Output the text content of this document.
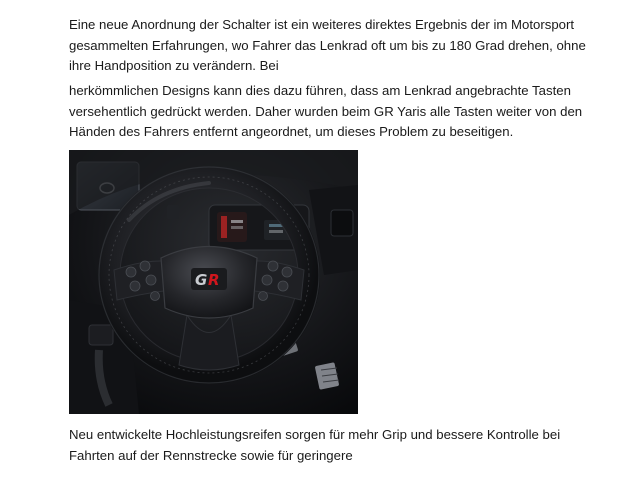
Eine neue Anordnung der Schalter ist ein weiteres direktes Ergebnis der im Motorsport gesammelten Erfahrungen, wo Fahrer das Lenkrad oft um bis zu 180 Grad drehen, ohne ihre Handposition zu verändern. Bei

herkömmlichen Designs kann dies dazu führen, dass am Lenkrad angebrachte Tasten versehentlich gedrückt werden. Daher wurden beim GR Yaris alle Tasten weiter von den Händen des Fahrers entfernt angeordnet, um dieses Problem zu beseitigen.

G R

Neu entwickelte Hochleistungsreifen sorgen für mehr Grip und bessere Kontrolle bei Fahrten auf der Rennstrecke sowie für geringere
